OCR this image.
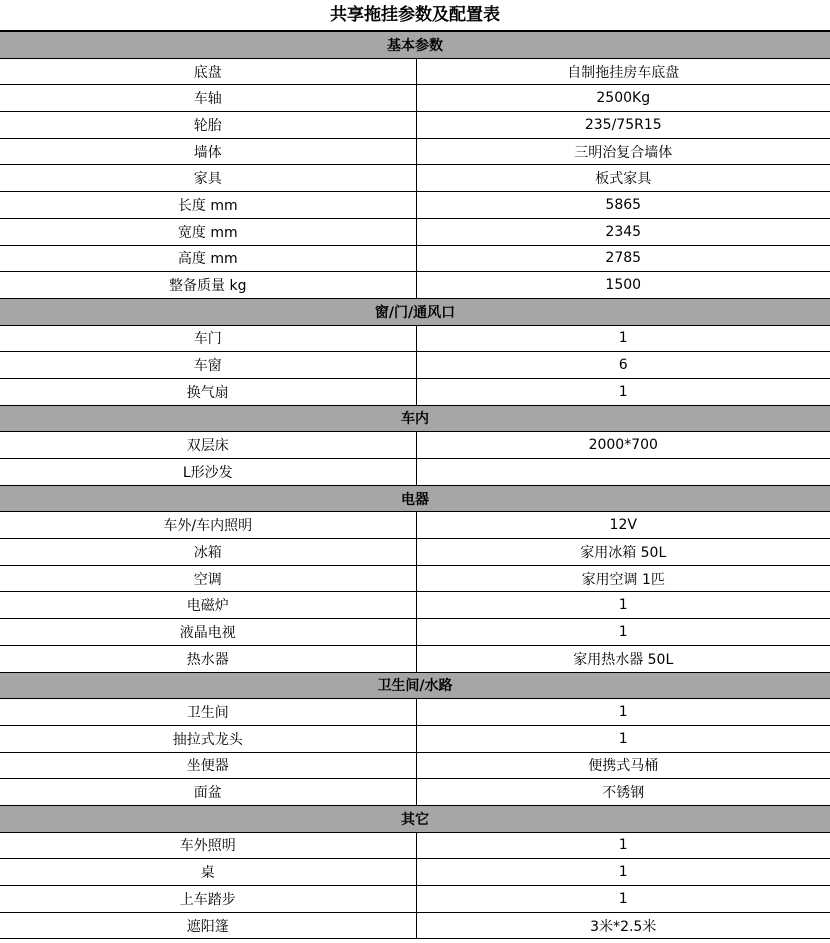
共享拖挂参数及配置表
基本参数	
底盘	自制拖挂房车底盘
车轴	2500Kg
轮胎	235/75R15
墙体	三明治复合墙体
家具	板式家具
长度 mm	5865
宽度 mm	2345
高度 mm	2785
整备质量 kg	1500
窗/门/通风口	
车门	1
车窗	6
换气扇	1
车内	
双层床	2000*700
L形沙发	
电器	
车外/车内照明	12V
冰箱	家用冰箱 50L
空调	家用空调 1匹
电磁炉	1
液晶电视	1
热水器	家用热水器 50L
卫生间/水路	
卫生间	1
抽拉式龙头	1
坐便器	便携式马桶
面盆	不锈钢
其它	
车外照明	1
桌	1
上车踏步	1
遮阳篷	3米*2.5米
